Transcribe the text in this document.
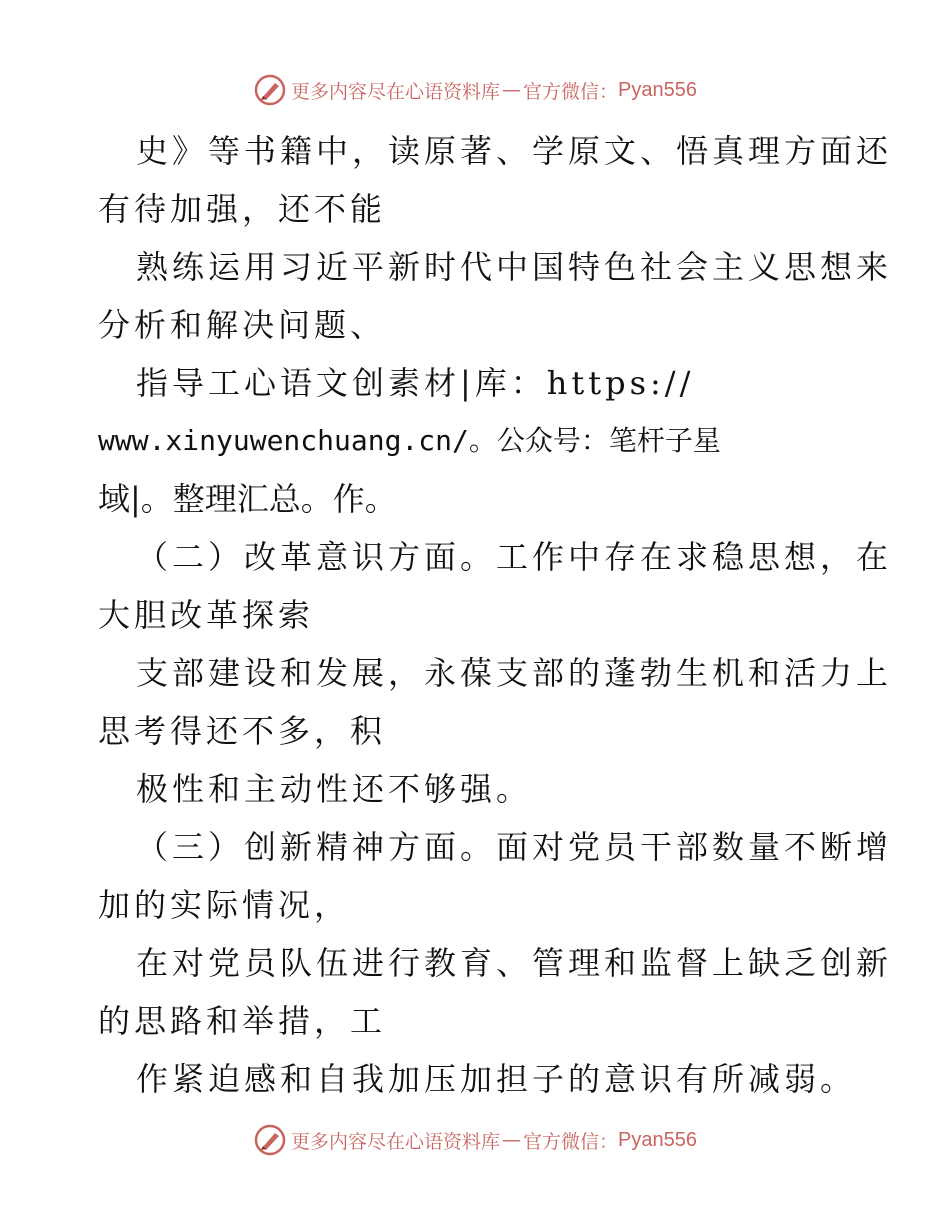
更多内容尽在心语资料库 — 官方微信： Pyan556
史》等书籍中，读原著、学原文、悟真理方面还
有待加强，还不能
熟练运用习近平新时代中国特色社会主义思想来
分析和解决问题、
指导工心语文创素材|库：https://
www.xinyuwenchuang.cn/。公众号：笔杆子星
域|。整理汇总。作。
（二）改革意识方面。工作中存在求稳思想，在
大胆改革探索
支部建设和发展，永葆支部的蓬勃生机和活力上
思考得还不多，积
极性和主动性还不够强。
（三）创新精神方面。面对党员干部数量不断增
加的实际情况，
在对党员队伍进行教育、管理和监督上缺乏创新
的思路和举措，工
作紧迫感和自我加压加担子的意识有所减弱。
更多内容尽在心语资料库 — 官方微信： Pyan556
